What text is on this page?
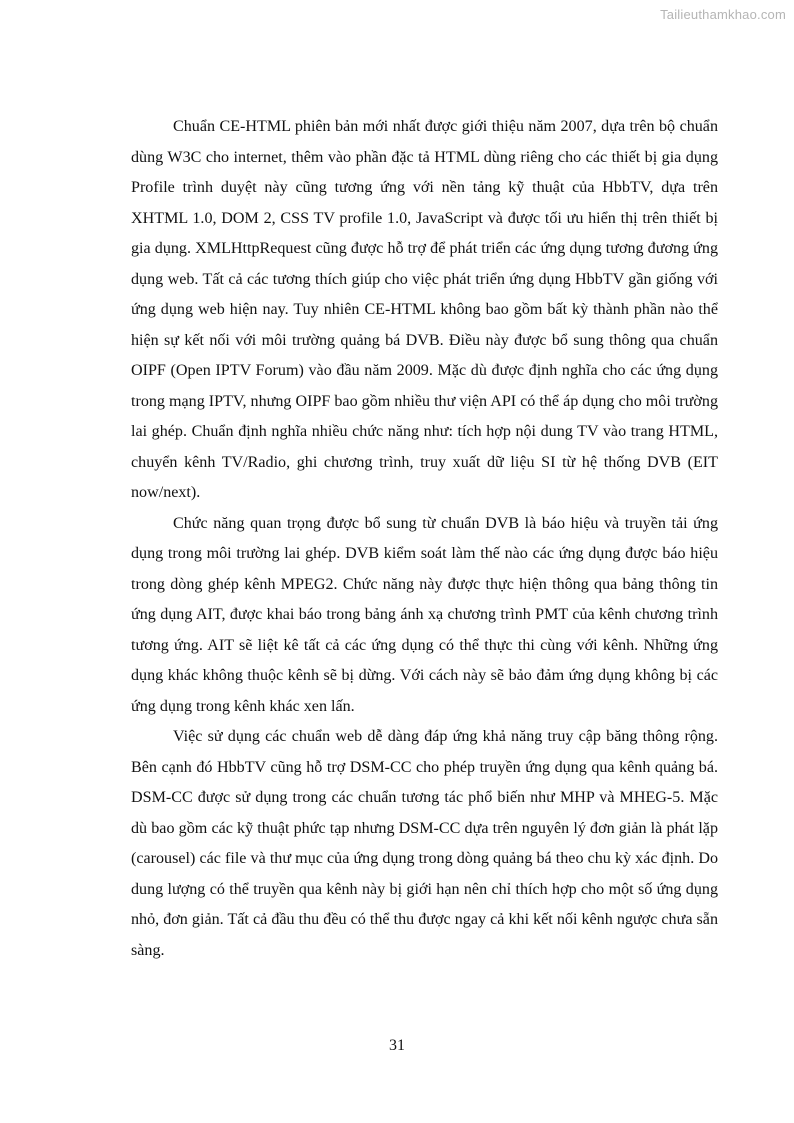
Tailieuthamkhao.com

Chuẩn CE-HTML phiên bản mới nhất được giới thiệu năm 2007, dựa trên bộ chuẩn dùng W3C cho internet, thêm vào phần đặc tả HTML dùng riêng cho các thiết bị gia dụng Profile trình duyệt này cũng tương ứng với nền tảng kỹ thuật của HbbTV, dựa trên XHTML 1.0, DOM 2, CSS TV profile 1.0, JavaScript và được tối ưu hiển thị trên thiết bị gia dụng. XMLHttpRequest cũng được hỗ trợ để phát triển các ứng dụng tương đương ứng dụng web. Tất cả các tương thích giúp cho việc phát triển ứng dụng HbbTV gần giống với ứng dụng web hiện nay. Tuy nhiên CE-HTML không bao gồm bất kỳ thành phần nào thể hiện sự kết nối với môi trường quảng bá DVB. Điều này được bổ sung thông qua chuẩn OIPF (Open IPTV Forum) vào đầu năm 2009. Mặc dù được định nghĩa cho các ứng dụng trong mạng IPTV, nhưng OIPF bao gồm nhiều thư viện API có thể áp dụng cho môi trường lai ghép. Chuẩn định nghĩa nhiều chức năng như: tích hợp nội dung TV vào trang HTML, chuyển kênh TV/Radio, ghi chương trình, truy xuất dữ liệu SI từ hệ thống DVB (EIT now/next).

Chức năng quan trọng được bổ sung từ chuẩn DVB là báo hiệu và truyền tải ứng dụng trong môi trường lai ghép. DVB kiểm soát làm thế nào các ứng dụng được báo hiệu trong dòng ghép kênh MPEG2. Chức năng này được thực hiện thông qua bảng thông tin ứng dụng AIT, được khai báo trong bảng ánh xạ chương trình PMT của kênh chương trình tương ứng. AIT sẽ liệt kê tất cả các ứng dụng có thể thực thi cùng với kênh. Những ứng dụng khác không thuộc kênh sẽ bị dừng. Với cách này sẽ bảo đảm ứng dụng không bị các ứng dụng trong kênh khác xen lấn.

Việc sử dụng các chuẩn web dễ dàng đáp ứng khả năng truy cập băng thông rộng. Bên cạnh đó HbbTV cũng hỗ trợ DSM-CC cho phép truyền ứng dụng qua kênh quảng bá. DSM-CC được sử dụng trong các chuẩn tương tác phổ biến như MHP và MHEG-5. Mặc dù bao gồm các kỹ thuật phức tạp nhưng DSM-CC dựa trên nguyên lý đơn giản là phát lặp (carousel) các file và thư mục của ứng dụng trong dòng quảng bá theo chu kỳ xác định. Do dung lượng có thể truyền qua kênh này bị giới hạn nên chỉ thích hợp cho một số ứng dụng nhỏ, đơn giản. Tất cả đầu thu đều có thể thu được ngay cả khi kết nối kênh ngược chưa sẵn sàng.

31
